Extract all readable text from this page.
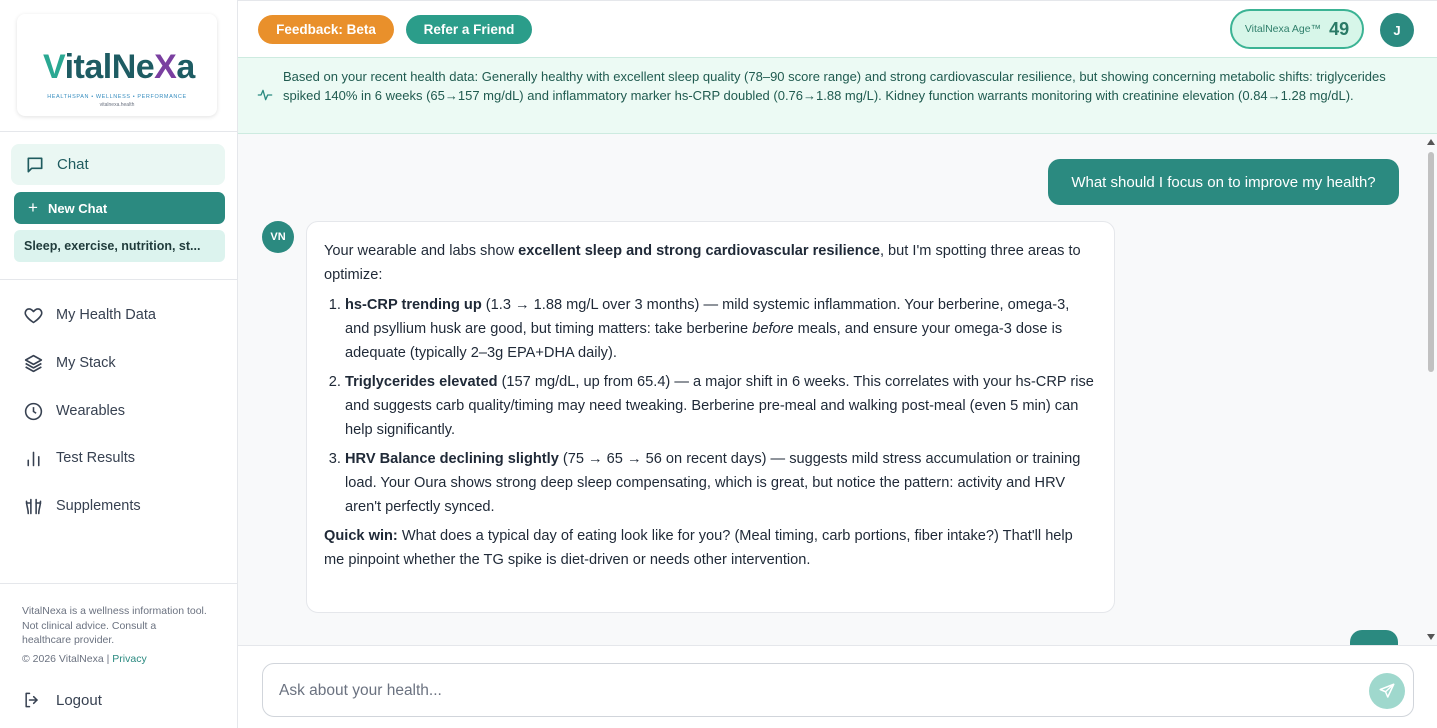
VitalNeXa
HEALTHSPAN • WELLNESS • PERFORMANCE
vitalnexa.health
Chat
+ New Chat
Sleep, exercise, nutrition, st...
My Health Data
My Stack
Wearables
Test Results
Supplements
VitalNexa is a wellness information tool. Not clinical advice. Consult a healthcare provider.
© 2026 VitalNexa | Privacy
Logout
Feedback: Beta	Refer a Friend	VitalNexa Age™ 49	J
Based on your recent health data: Generally healthy with excellent sleep quality (78–90 score range) and strong cardiovascular resilience, but showing concerning metabolic shifts: triglycerides spiked 140% in 6 weeks (65→157 mg/dL) and inflammatory marker hs-CRP doubled (0.76→1.88 mg/L). Kidney function warrants monitoring with creatinine elevation (0.84→1.28 mg/dL).
What should I focus on to improve my health?
VN

Your wearable and labs show excellent sleep and strong cardiovascular resilience, but I'm spotting three areas to optimize:

1. hs-CRP trending up (1.3 → 1.88 mg/L over 3 months) — mild systemic inflammation. Your berberine, omega-3, and psyllium husk are good, but timing matters: take berberine before meals, and ensure your omega-3 dose is adequate (typically 2–3g EPA+DHA daily).
2. Triglycerides elevated (157 mg/dL, up from 65.4) — a major shift in 6 weeks. This correlates with your hs-CRP rise and suggests carb quality/timing may need tweaking. Berberine pre-meal and walking post-meal (even 5 min) can help significantly.
3. HRV Balance declining slightly (75 → 65 → 56 on recent days) — suggests mild stress accumulation or training load. Your Oura shows strong deep sleep compensating, which is great, but notice the pattern: activity and HRV aren't perfectly synced.

Quick win: What does a typical day of eating look like for you? (Meal timing, carb portions, fiber intake?) That'll help me pinpoint whether the TG spike is diet-driven or needs other intervention.

Ask about your health...
